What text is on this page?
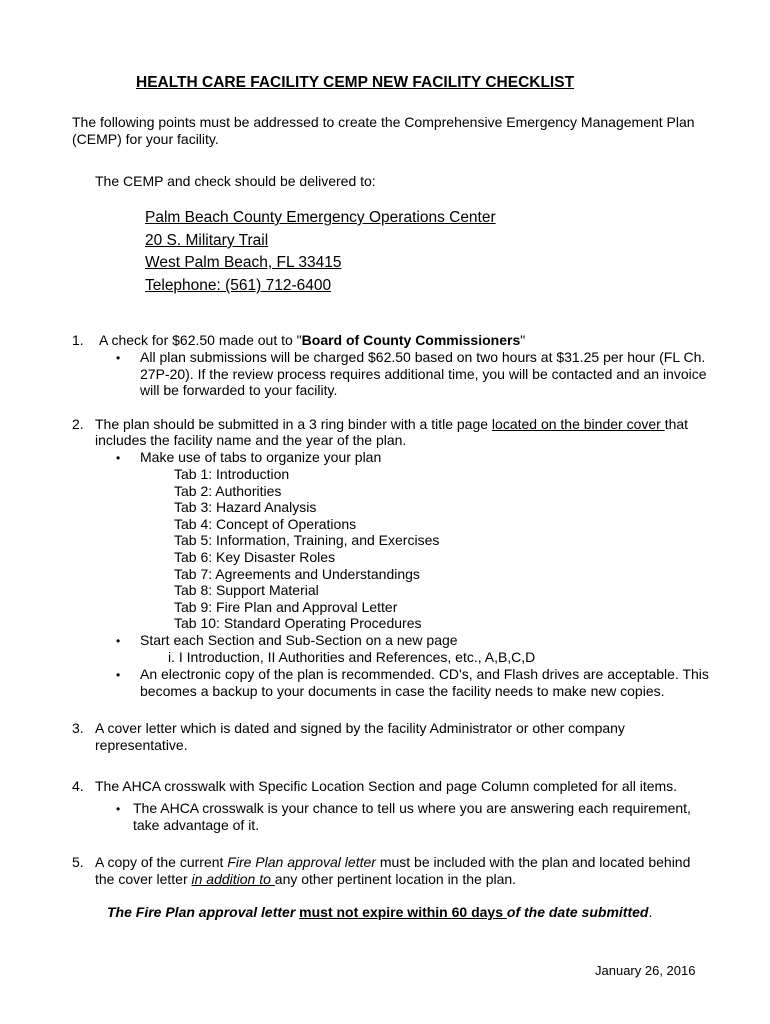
HEALTH CARE FACILITY CEMP NEW FACILITY CHECKLIST
The following points must be addressed to create the Comprehensive Emergency Management Plan
(CEMP) for your facility.
The CEMP and check should be delivered to:
Palm Beach County Emergency Operations Center
20 S. Military Trail
West Palm Beach, FL 33415
Telephone: (561) 712-6400
1. A check for $62.50 made out to "Board of County Commissioners"
• All plan submissions will be charged $62.50 based on two hours at $31.25 per hour (FL Ch.
27P-20). If the review process requires additional time, you will be contacted and an invoice
will be forwarded to your facility.
2. The plan should be submitted in a 3 ring binder with a title page located on the binder cover that
includes the facility name and the year of the plan.
• Make use of tabs to organize your plan
Tab 1: Introduction
Tab 2: Authorities
Tab 3: Hazard Analysis
Tab 4: Concept of Operations
Tab 5: Information, Training, and Exercises
Tab 6: Key Disaster Roles
Tab 7: Agreements and Understandings
Tab 8: Support Material
Tab 9: Fire Plan and Approval Letter
Tab 10: Standard Operating Procedures
• Start each Section and Sub-Section on a new page
i. I Introduction, II Authorities and References, etc., A,B,C,D
• An electronic copy of the plan is recommended. CD's, and Flash drives are acceptable. This
becomes a backup to your documents in case the facility needs to make new copies.
3. A cover letter which is dated and signed by the facility Administrator or other company
representative.
4. The AHCA crosswalk with Specific Location Section and page Column completed for all items.
• The AHCA crosswalk is your chance to tell us where you are answering each requirement,
take advantage of it.
5. A copy of the current Fire Plan approval letter must be included with the plan and located behind
the cover letter in addition to any other pertinent location in the plan.
The Fire Plan approval letter must not expire within 60 days of the date submitted.
January 26, 2016
